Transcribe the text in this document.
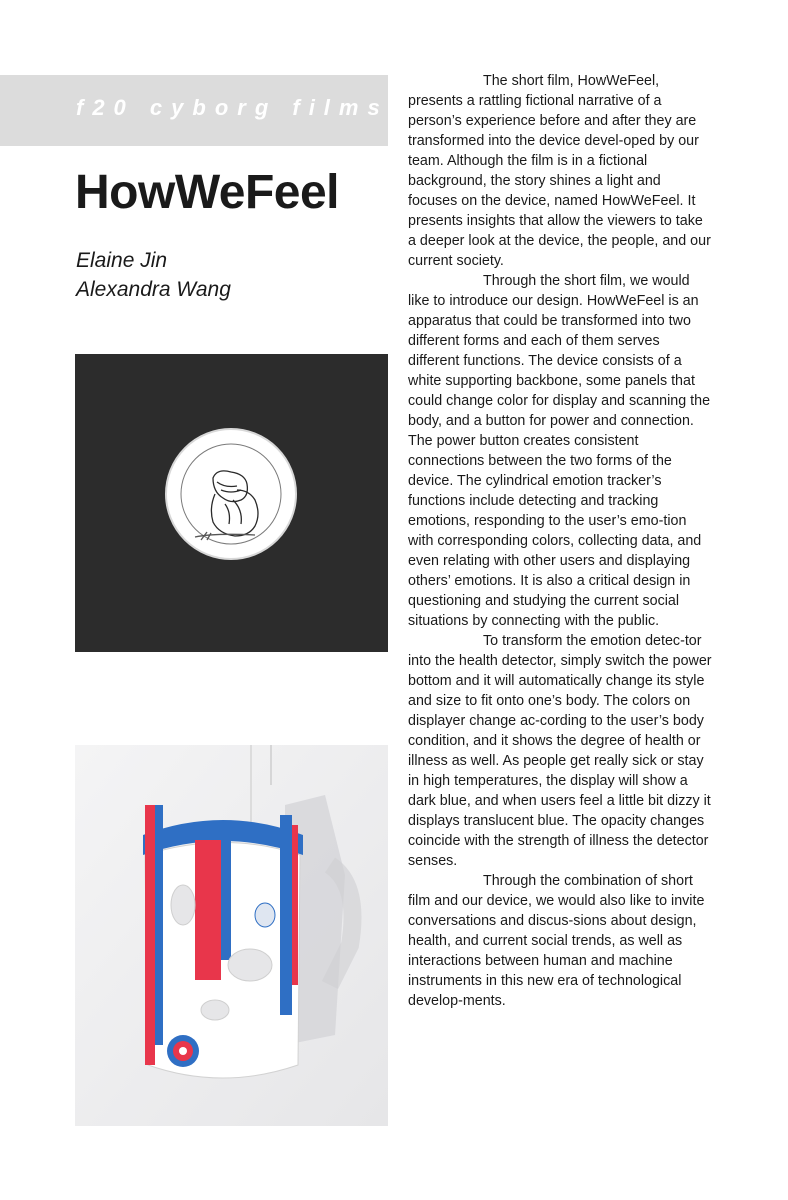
f20 cyborg films
HowWeFeel
Elaine Jin
Alexandra Wang

The short film, HowWeFeel, presents a rattling fictional narrative of a person’s experience before and after they are transformed into the device devel-oped by our team. Although the film is in a fictional background, the story shines a light and focuses on the device, named HowWeFeel. It presents insights that allow the viewers to take a deeper look at the device, the people, and our current society.

Through the short film, we would like to introduce our design. HowWeFeel is an apparatus that could be transformed into two different forms and each of them serves different functions. The device consists of a white supporting backbone, some panels that could change color for display and scanning the body, and a button for power and connection. The power button creates consistent connections between the two forms of the device. The cylindrical emotion tracker’s functions include detecting and tracking emotions, responding to the user’s emo-tion with corresponding colors, collecting data, and even relating with other users and displaying others’ emotions. It is also a critical design in questioning and studying the current social situations by connecting with the public.

To transform the emotion detec-tor into the health detector, simply switch the power bottom and it will automatically change its style and size to fit onto one’s body. The colors on displayer change ac-cording to the user’s body condition, and it shows the degree of health or illness as well. As people get really sick or stay in high temperatures, the display will show a dark blue, and when users feel a little bit dizzy it displays translucent blue. The opacity changes coincide with the strength of illness the detector senses.

Through the combination of short film and our device, we would also like to invite conversations and discus-sions about design, health, and current social trends, as well as interactions between human and machine instruments in this new era of technological develop-ments.
